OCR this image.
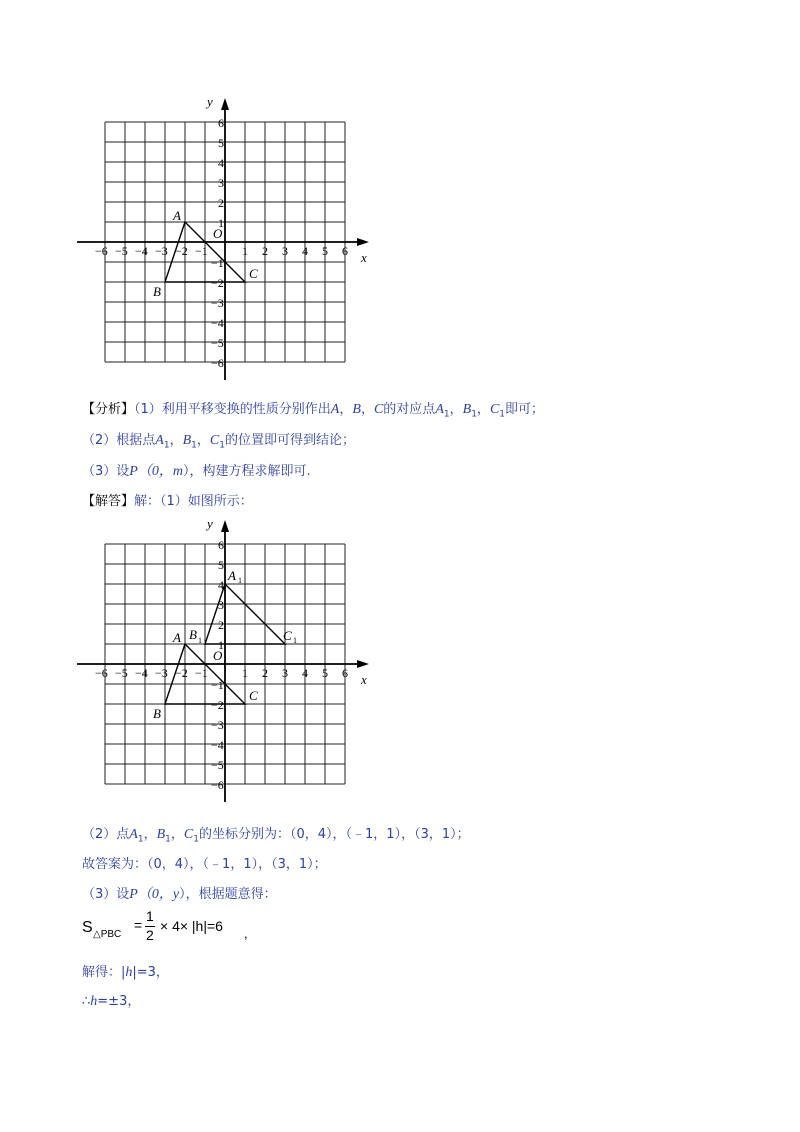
x
y
O
−6 −5 −4 −3 −2 −1	1 2 3 4 5 6
6
5
4
3
2
1
−1
−2
−3
−4
−5
−6
A
B
C

【分析】（1）利用平移变换的性质分别作出A，B，C的对应点$A_1$，$B_1$，$C_1$即可；

（2）根据点$A_1$，$B_1$，$C_1$的位置即可得到结论；

（3）设P（0，m），构建方程求解即可.

【解答】解：（1）如图所示：

x
y
O
−6 −5 −4 −3 −2 −1	1 2 3 4 5 6
6
5
4
3
2
1
−1
−2
−3
−4
−5
−6
A
B
C
A 1
B 1	C 1

（2）点$A_1$，$B_1$，$C_1$的坐标分别为：（0，4），（﹣1，1），（3，1）；

故答案为：（0，4），（﹣1，1），（3，1）；

（3）设P（0，y），根据题意得：

S △PBC
=
1
2
× 4× |h|=6 ,

解得：|h|=3，

∴h=±3，
